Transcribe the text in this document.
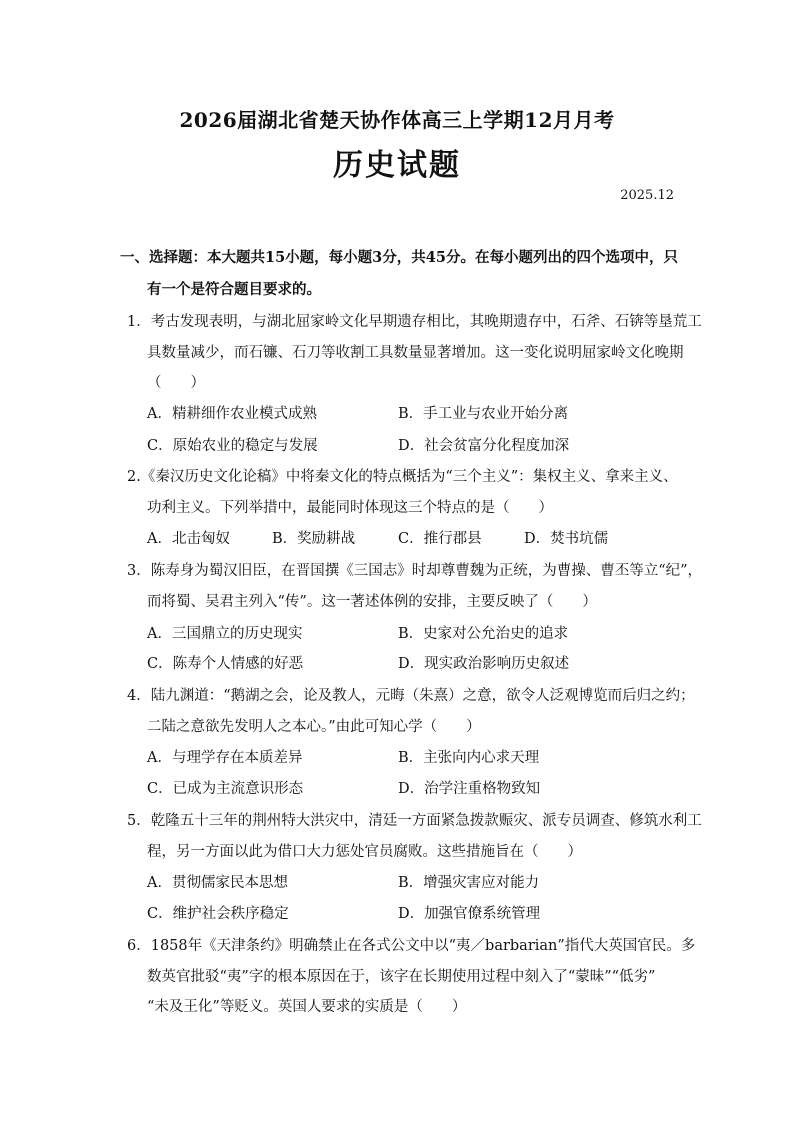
2026届湖北省楚天协作体高三上学期12月月考
历史试题
2025.12
一、选择题：本大题共15小题，每小题3分，共45分。在每小题列出的四个选项中，只
有一个是符合题目要求的。
1．考古发现表明，与湖北屈家岭文化早期遗存相比，其晚期遗存中，石斧、石锛等垦荒工
具数量减少，而石镰、石刀等收割工具数量显著增加。这一变化说明屈家岭文化晚期
（　　）
A．精耕细作农业模式成熟	B．手工业与农业开始分离
C．原始农业的稳定与发展	D．社会贫富分化程度加深
2.《秦汉历史文化论稿》中将秦文化的特点概括为“三个主义”：集权主义、拿来主义、
功利主义。下列举措中，最能同时体现这三个特点的是（　　）
A．北击匈奴	B．奖励耕战	C．推行郡县	D．焚书坑儒
3．陈寿身为蜀汉旧臣，在晋国撰《三国志》时却尊曹魏为正统，为曹操、曹丕等立“纪”，
而将蜀、吴君主列入“传”。这一著述体例的安排，主要反映了（　　）
A．三国鼎立的历史现实	B．史家对公允治史的追求
C．陈寿个人情感的好恶	D．现实政治影响历史叙述
4．陆九渊道：“鹅湖之会，论及教人，元晦（朱熹）之意，欲令人泛观博览而后归之约；
二陆之意欲先发明人之本心。”由此可知心学（　　）
A．与理学存在本质差异	B．主张向内心求天理
C．已成为主流意识形态	D．治学注重格物致知
5．乾隆五十三年的荆州特大洪灾中，清廷一方面紧急拨款赈灾、派专员调查、修筑水利工
程，另一方面以此为借口大力惩处官员腐败。这些措施旨在（　　）
A．贯彻儒家民本思想	B．增强灾害应对能力
C．维护社会秩序稳定	D．加强官僚系统管理
6．1858年《天津条约》明确禁止在各式公文中以“夷／barbarian”指代大英国官民。多
数英官批驳“夷”字的根本原因在于，该字在长期使用过程中刻入了“蒙昧”“低劣”
“未及王化”等贬义。英国人要求的实质是（　　）
